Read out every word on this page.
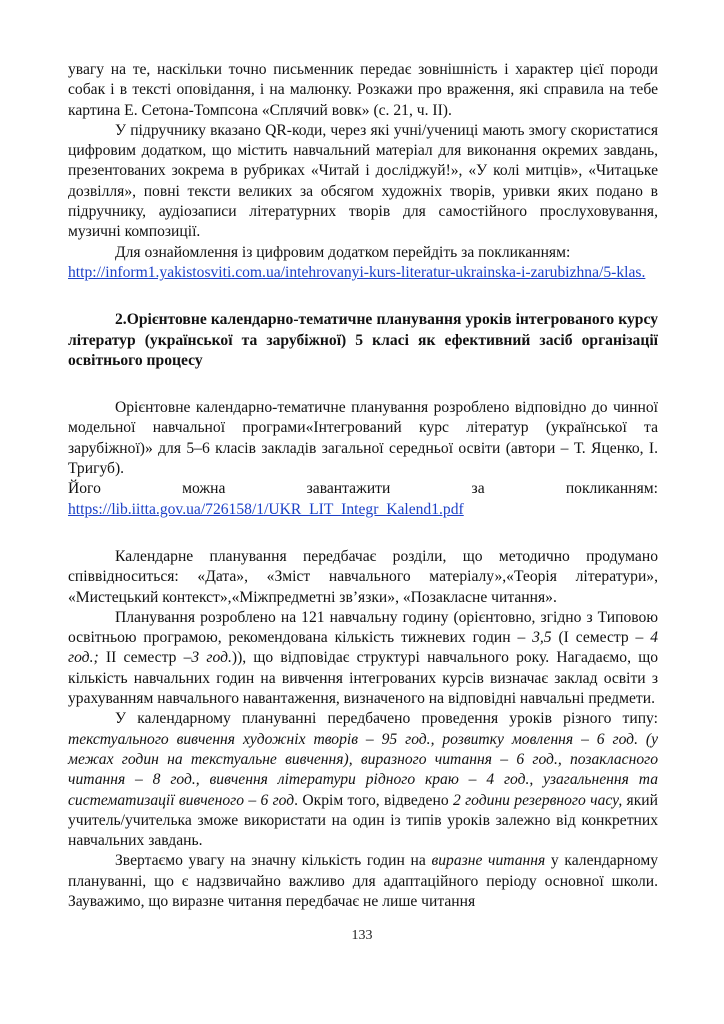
увагу на те, наскільки точно письменник передає зовнішність і характер цієї породи собак і в тексті оповідання, і на малюнку. Розкажи про враження, які справила на тебе картина Е. Сетона-Томпсона «Сплячий вовк» (с. 21, ч. ІІ).

У підручнику вказано QR-коди, через які учні/учениці мають змогу скористатися цифровим додатком, що містить навчальний матеріал для виконання окремих завдань, презентованих зокрема в рубриках «Читай і досліджуй!», «У колі митців», «Читацьке дозвілля», повні тексти великих за обсягом художніх творів, уривки яких подано в підручнику, аудіозаписи літературних творів для самостійного прослуховування, музичні композиції.

Для ознайомлення із цифровим додатком перейдіть за покликанням:

http://inform1.yakistosviti.com.ua/intehrovanyi-kurs-literatur-ukrainska-i-zarubizhna/5-klas.

2.Орієнтовне календарно-тематичне планування уроків інтегрованого курсу літератур (української та зарубіжної) 5 класі як ефективний засіб організації освітнього процесу

Орієнтовне календарно-тематичне планування розроблено відповідно до чинної модельної навчальної програми«Інтегрований курс літератур (української та зарубіжної)» для 5–6 класів закладів загальної середньої освіти (автори – Т. Яценко, І. Тригуб).

Його можна завантажити за покликанням:

https://lib.iitta.gov.ua/726158/1/UKR_LIT_Integr_Kalend1.pdf

Календарне планування передбачає розділи, що методично продумано співвідноситься: «Дата», «Зміст навчального матеріалу»,«Теорія літератури», «Мистецький контекст»,«Міжпредметні зв’язки», «Позакласне читання».

Планування розроблено на 121 навчальну годину (орієнтовно, згідно з Типовою освітньою програмою, рекомендована кількість тижневих годин – 3,5 (І семестр – 4 год.; ІІ семестр –3 год.)), що відповідає структурі навчального року. Нагадаємо, що кількість навчальних годин на вивчення інтегрованих курсів визначає заклад освіти з урахуванням навчального навантаження, визначеного на відповідні навчальні предмети.

У календарному плануванні передбачено проведення уроків різного типу: текстуального вивчення художніх творів – 95 год., розвитку мовлення – 6 год. (у межах годин на текстуальне вивчення), виразного читання – 6 год., позакласного читання – 8 год., вивчення літератури рідного краю – 4 год., узагальнення та систематизації вивченого – 6 год. Окрім того, відведено 2 години резервного часу, який учитель/учителька зможе використати на один із типів уроків залежно від конкретних навчальних завдань.

Звертаємо увагу на значну кількість годин на виразне читання у календарному плануванні, що є надзвичайно важливо для адаптаційного періоду основної школи. Зауважимо, що виразне читання передбачає не лише читання

133
